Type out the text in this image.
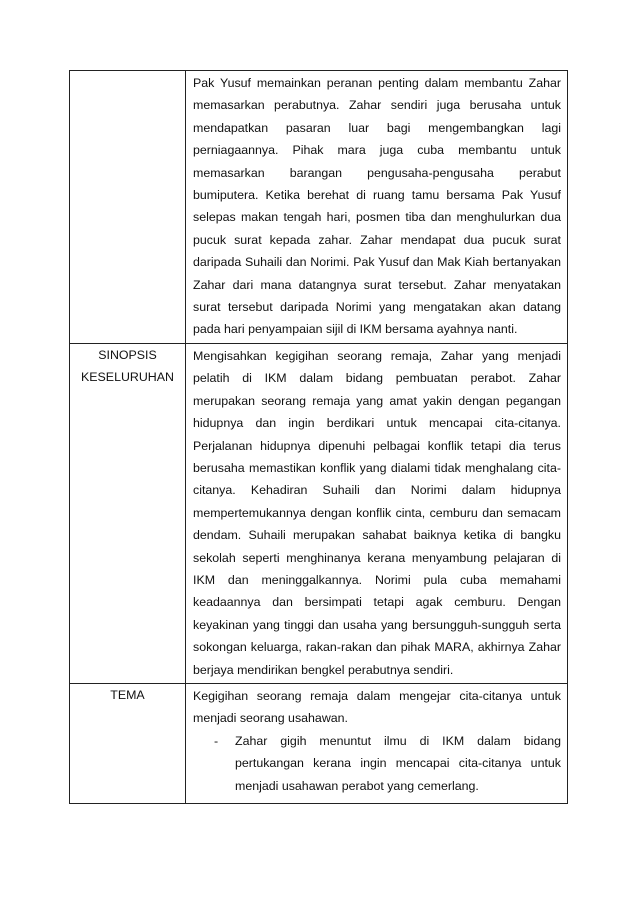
	Pak Yusuf memainkan peranan penting dalam membantu Zahar memasarkan perabutnya. Zahar sendiri juga berusaha untuk mendapatkan pasaran luar bagi mengembangkan lagi perniagaannya. Pihak mara juga cuba membantu untuk memasarkan barangan pengusaha-pengusaha perabut bumiputera. Ketika berehat di ruang tamu bersama Pak Yusuf selepas makan tengah hari, posmen tiba dan menghulurkan dua pucuk surat kepada zahar. Zahar mendapat dua pucuk surat daripada Suhaili dan Norimi. Pak Yusuf dan Mak Kiah bertanyakan Zahar dari mana datangnya surat tersebut. Zahar menyatakan surat tersebut daripada Norimi yang mengatakan akan datang pada hari penyampaian sijil di IKM bersama ayahnya nanti.

SINOPSIS
KESELURUHAN	Mengisahkan kegigihan seorang remaja, Zahar yang menjadi pelatih di IKM dalam bidang pembuatan perabot. Zahar merupakan seorang remaja yang amat yakin dengan pegangan hidupnya dan ingin berdikari untuk mencapai cita-citanya. Perjalanan hidupnya dipenuhi pelbagai konflik tetapi dia terus berusaha memastikan konflik yang dialami tidak menghalang cita-citanya. Kehadiran Suhaili dan Norimi dalam hidupnya mempertemukannya dengan konflik cinta, cemburu dan semacam dendam. Suhaili merupakan sahabat baiknya ketika di bangku sekolah seperti menghinanya kerana menyambung pelajaran di IKM dan meninggalkannya. Norimi pula cuba memahami keadaannya dan bersimpati tetapi agak cemburu. Dengan keyakinan yang tinggi dan usaha yang bersungguh-sungguh serta sokongan keluarga, rakan-rakan dan pihak MARA, akhirnya Zahar berjaya mendirikan bengkel perabutnya sendiri.

TEMA	Kegigihan seorang remaja dalam mengejar cita-citanya untuk menjadi seorang usahawan.

- Zahar gigih menuntut ilmu di IKM dalam bidang pertukangan kerana ingin mencapai cita-citanya untuk menjadi usahawan perabot yang cemerlang.
